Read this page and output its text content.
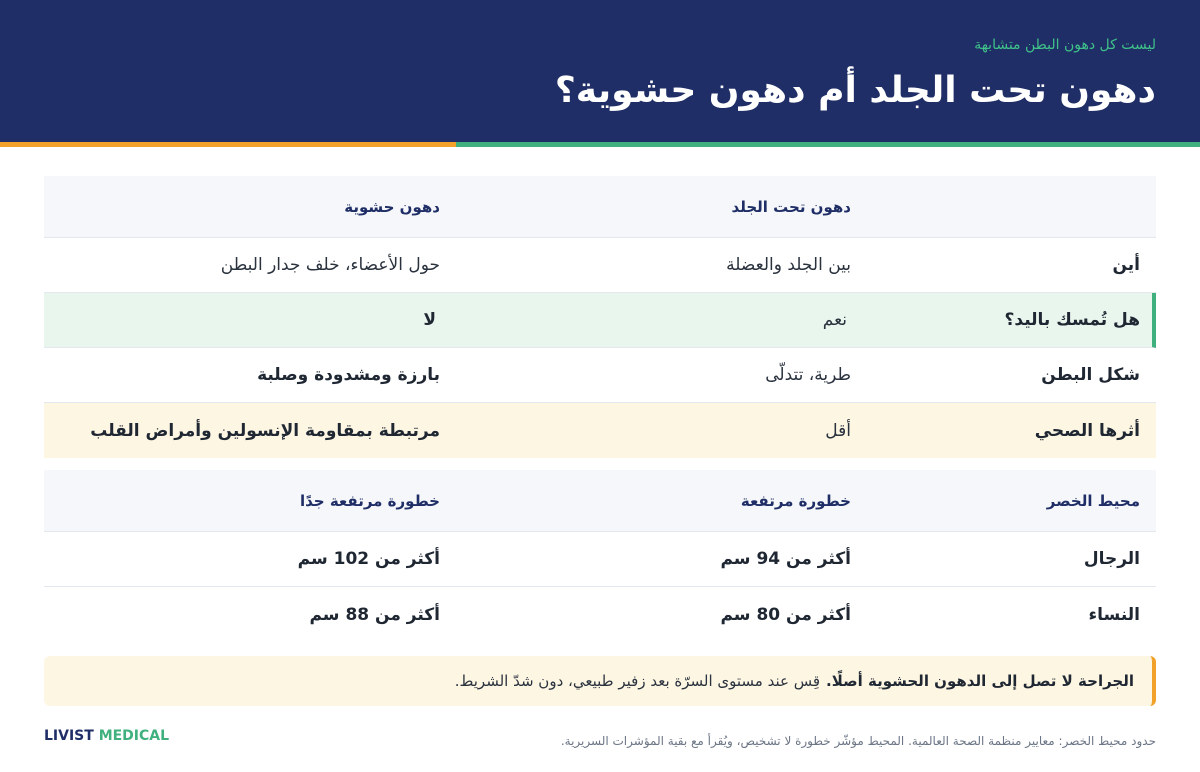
ليست كل دهون البطن متشابهة
دهون تحت الجلد أم دهون حشوية؟
دهون تحت الجلد
دهون حشوية
أين
بين الجلد والعضلة
حول الأعضاء، خلف جدار البطن
هل تُمسك باليد؟
نعم
لا
شكل البطن
طرية، تتدلّى
بارزة ومشدودة وصلبة
أثرها الصحي
أقل
مرتبطة بمقاومة الإنسولين وأمراض القلب
محيط الخصر
خطورة مرتفعة
خطورة مرتفعة جدًا
الرجال
أكثر من 94 سم
أكثر من 102 سم
النساء
أكثر من 80 سم
أكثر من 88 سم
الجراحة لا تصل إلى الدهون الحشوية أصلًا.
قِس عند مستوى السرّة بعد زفير طبيعي، دون شدّ الشريط.
حدود محيط الخصر: معايير منظمة الصحة العالمية. المحيط مؤشّر خطورة لا تشخيص، ويُقرأ مع بقية المؤشرات السريرية.
LIVIST MEDICAL
